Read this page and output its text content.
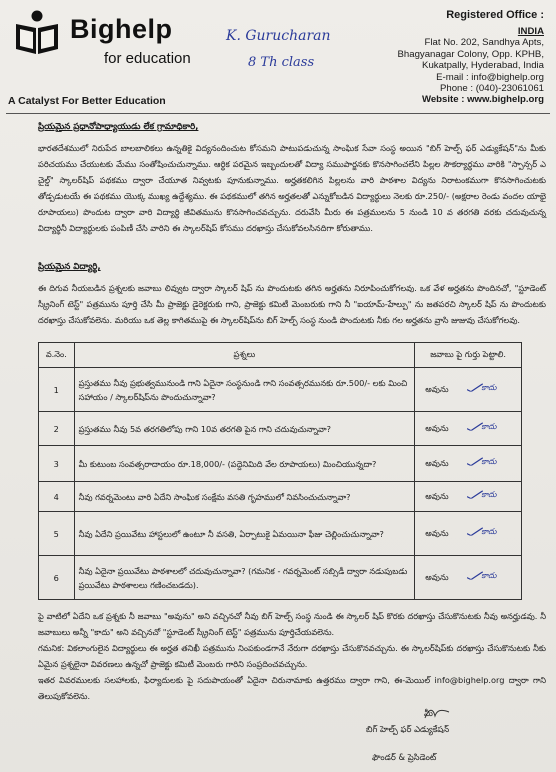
Bighelp
for education
K. Gurucharan
8 Th class
A Catalyst For Better Education
Registered Office :
INDIA
Flat No. 202, Sandhya Apts,
Bhagyanagar Colony, Opp. KPHB,
Kukatpally, Hyderabad, India
E-mail : info@bighelp.org
Phone : (040)-23061061
Website : www.bighelp.org
ప్రియమైన ప్రధానోపాధ్యాయుడు లేక గ్రామాధికారి,
భారతదేశములో నిరుపేద బాలబాలికలు ఉన్నతికై విద్యనందించుట కోసమని పాటుపడుచున్న సాంఘిక సేవా సంస్థ అయిన "బిగ్ హెల్ప్ ఫర్ ఎడ్యుకేషన్"ను మీకు పరిచయము చేయుటకు మేము సంతోషించుచున్నాము. ఆర్థిక పరమైన ఇబ్బందులతో విద్యా సముపార్జనకు కొనసాగించలేని పిల్లల సౌకర్యార్థము వారికి "స్పాన్సర్ ఎ చైల్డ్" స్కాలర్‌షిప్ పథకము ద్వారా చేయూత నివ్వటకు పూనుకున్నాము. అర్హతకలిగిన పిల్లలను వారి పాఠశాల విద్యను నిరాటంకముగా కొనసాగించుటకు తోడ్పడుటయే ఈ పథకము యొక్క ముఖ్య ఉద్దేశ్యము. ఈ పథకములో తగిన అర్హతలతో ఎన్నుకోబడిన విద్యార్థులు నెలకు రూ.250/- (అక్షరాల రెండు వందల యాభై రూపాయలు) పొందుట ద్వారా వారి విద్యార్థి జీవితమును కొనసాగించవచ్చును. దరువేసి మీరు ఈ పత్రములను 5 నుండి 10 వ తరగతి వరకు చదువుచున్న విద్యార్థినీ విద్యార్థులకు పంపిణీ చేసి వారిని ఈ స్కాలర్‌షిప్ కోసము దరఖాస్తు చేసుకోవలసినదిగా కోరుతాము.
ప్రియమైన విద్యార్థి,
ఈ దిగువ నీయబడిన ప్రశ్నలకు జవాబు లివ్వుట ద్వారా స్కాలర్ షిప్ ను పొందుటకు తగిన అర్హతను నిరూపించుకోగలవు. ఒక వేళ అర్హతను పొందినచో, "స్టూడెంట్ స్క్రీనింగ్ టెస్ట్" పత్రమును పూర్తి చేసి మీ ప్రాజెక్టు డైరెక్టరుకు గాని, ప్రాజెక్టు కమిటీ మెంబరుకు గాని నీ "ఐయామ్-హేల్పు" ను జతపరచి స్కాలర్ షిప్ ను పొందుటకు దరఖాస్తు చేసుకోవలెను. మరియు ఒక తెల్ల కాగితముపై ఈ స్కాలర్‌షిప్‌ను బిగ్ హెల్ప్ సంస్థ నుండి పొందుటకు నీకు గల అర్హతను వ్రాసి జుజువు చేసుకోగలవు.
వ.నెం.	ప్రశ్నలు	జవాబు పై గుర్తు పెట్టాలి.
1	ప్రస్తుతము నీవు ప్రభుత్వమునుండి గాని ఏదైనా సంస్థనుండి గాని సంవత్సరమునకు రూ.500/- లకు మించి సహాయం / స్కాలర్‌షిప్‌ను పొందుచున్నావా?	అవును కాదు

2	ప్రస్తుతము నీవు 5వ తరగతిలోపు గాని 10వ తరగతి పైన గాని చదువుచున్నావా?	అవును కాదు

3	మీ కుటుంబ సంవత్సరాదాయం రూ.18,000/- (పద్దెనిమిది వేల రూపాయలు) మించియున్నదా?	అవును కాదు

4	నీవు గవర్నమెంటు వారి ఏదేని సాంఘిక సంక్షేమ వసతి గృహములో నివసించుచున్నావా?	అవును కాదు

5	నీవు ఏదేని ప్రయివేటు హాస్టలులో ఉంటూ నీ వసతి, ఏర్పాటుకై ఏమయినా ఫీజు చెల్లించుచున్నావా?	అవును కాదు

6	నీవు ఏదైనా ప్రయివేటు పాఠశాలలో చదువుచున్నావా? (గమనిక - గవర్నమెంట్ సబ్సిడీ ద్వారా నడుపుబడు ప్రయివేటు పాఠశాలలు గణించబడదు).	అవును కాదు
పై వాటిలో ఏదేని ఒక ప్రశ్నకు నీ జవాబు "అవును" అని వచ్చినచో నీవు బిగ్ హెల్ప్ సంస్థ నుండి ఈ స్కాలర్ షిప్ కొరకు దరఖాస్తు చేసుకొనుటకు నీవు అనర్హుడవు. నీ జవాబులు అన్నీ "కాదు" అని వచ్చినచో "స్టూడెంట్ స్క్రీనింగ్ టెస్ట్" పత్రమును పూర్తిచేయవలెను.
గమనిక: వికలాంగులైన విద్యార్థులు ఈ అర్హత తనిఖీ పత్రమును నింపకుండగానే నేరుగా దరఖాస్తు చేసుకొనవచ్చును. ఈ స్కాలర్‌షిప్‌కు దరఖాస్తు చేసుకొనుటకు నీకు ఏమైన ప్రశ్నలైనా వివరణలు ఉన్నచో ప్రాజెక్టు కమిటీ మెంబరు గారిని సంప్రదించవచ్చును.
ఇతర వివరములకు సలహాలకు, ఫిర్యాదులకు పై సదుపాయంతో ఏదైనా చిరునామాకు ఉత్తరము ద్వారా గాని, ఈ-మెయిల్ info@bighelp.org ద్వారా గాని తెలుపుకోవలెను.
మీ
బిగ్ హెల్ప్ ఫర్ ఎడ్యుకేషన్
ఫౌండర్ & ప్రెసిడెంట్
